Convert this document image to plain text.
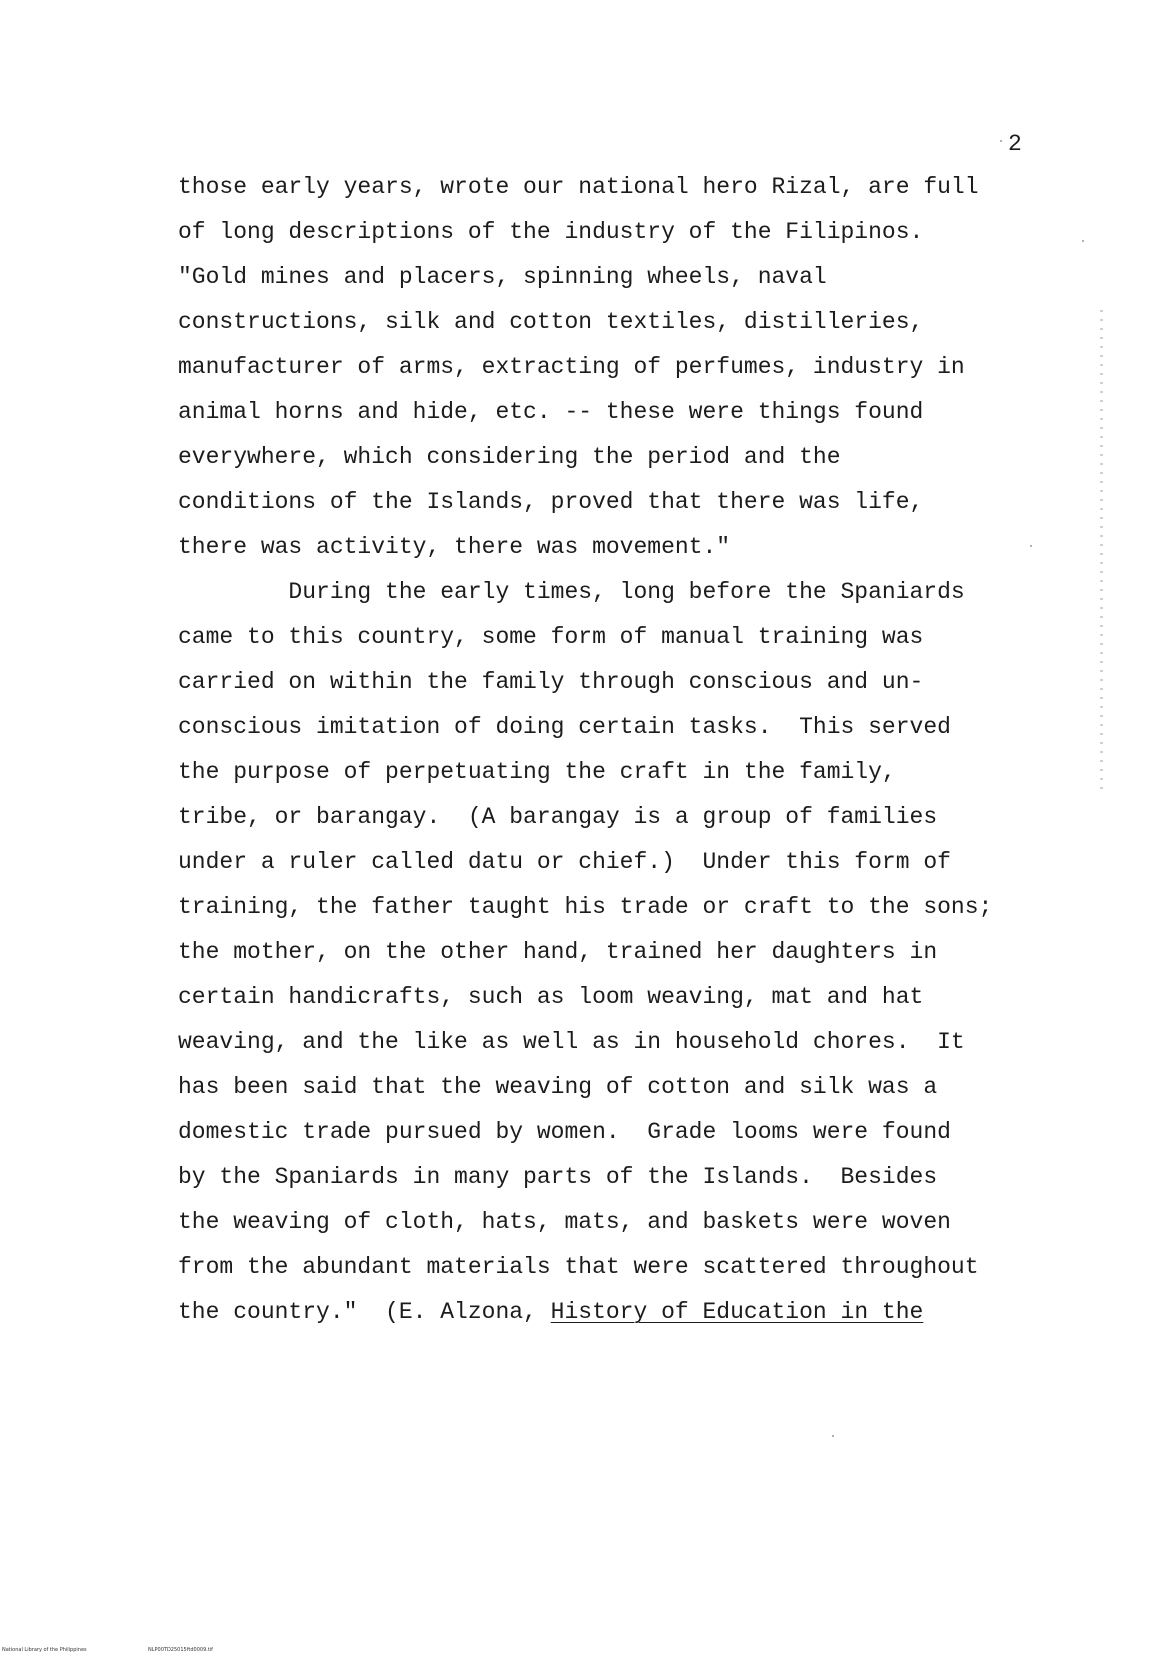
2
those early years, wrote our national hero Rizal, are full
of long descriptions of the industry of the Filipinos.
"Gold mines and placers, spinning wheels, naval
constructions, silk and cotton textiles, distilleries,
manufacturer of arms, extracting of perfumes, industry in
animal horns and hide, etc. -- these were things found
everywhere, which considering the period and the
conditions of the Islands, proved that there was life,
there was activity, there was movement."
During the early times, long before the Spaniards
came to this country, some form of manual training was
carried on within the family through conscious and un-
conscious imitation of doing certain tasks.  This served
the purpose of perpetuating the craft in the family,
tribe, or barangay.  (A barangay is a group of families
under a ruler called datu or chief.)  Under this form of
training, the father taught his trade or craft to the sons;
the mother, on the other hand, trained her daughters in
certain handicrafts, such as loom weaving, mat and hat
weaving, and the like as well as in household chores.  It
has been said that the weaving of cotton and silk was a
domestic trade pursued by women.  Grade looms were found
by the Spaniards in many parts of the Islands.  Besides
the weaving of cloth, hats, mats, and baskets were woven
from the abundant materials that were scattered throughout
the country."  (E. Alzona, History of Education in the
National Library of the Philippines	NLP00TD25015ftd0009.tif
